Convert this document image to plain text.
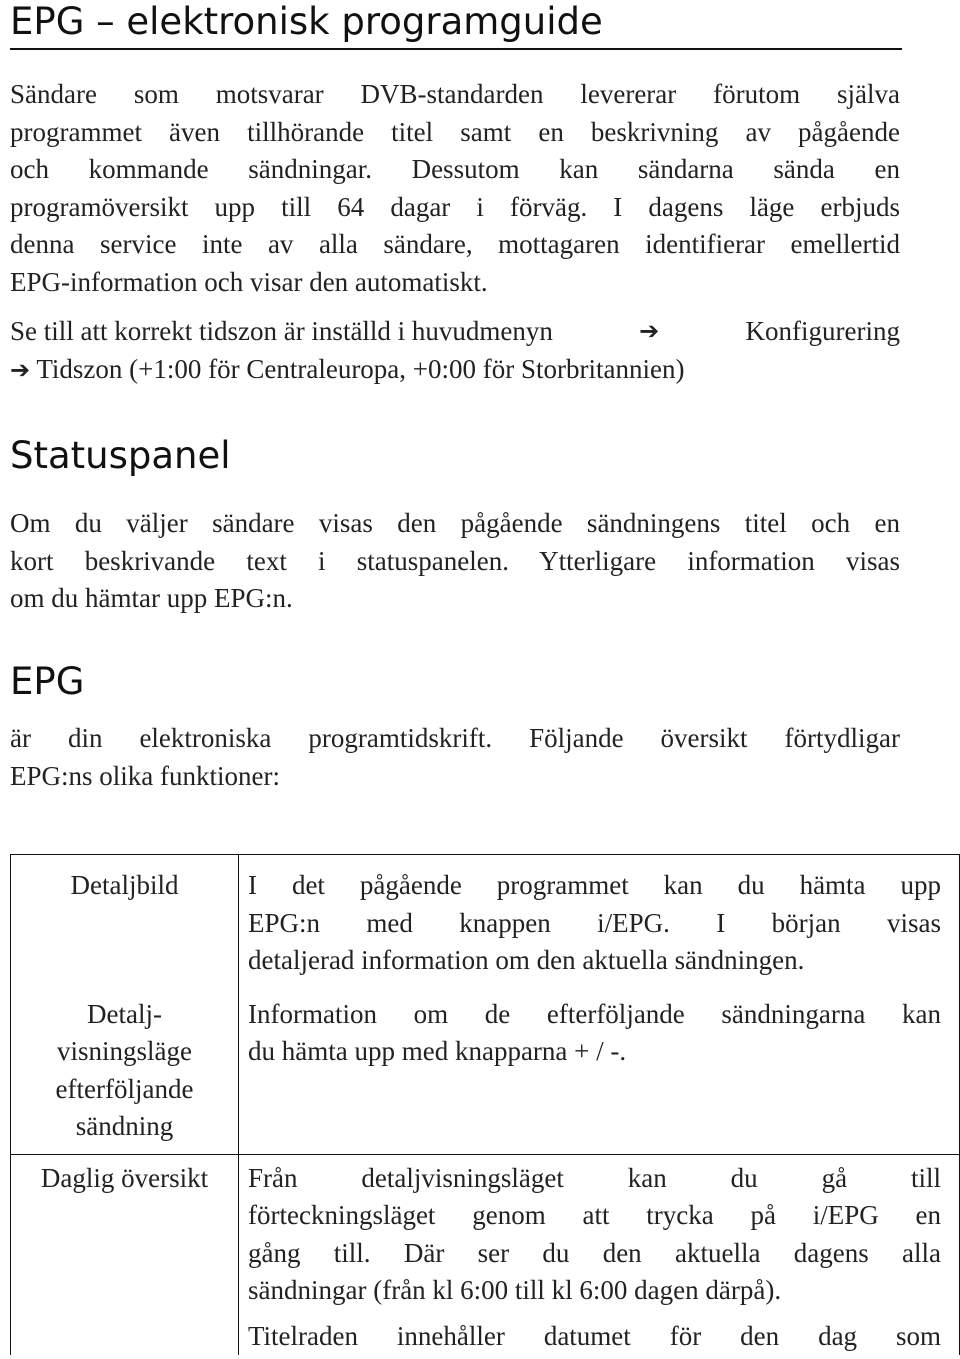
EPG – elektronisk programguide
Sändare som motsvarar DVB-standarden levererar förutom själva
programmet även tillhörande titel samt en beskrivning av pågående
och kommande sändningar. Dessutom kan sändarna sända en
programöversikt upp till 64 dagar i förväg. I dagens läge erbjuds
denna service inte av alla sändare, mottagaren identifierar emellertid
EPG-information och visar den automatiskt.
Se till att korrekt tidszon är inställd i huvudmenyn	➔	Konfigurering
➔ Tidszon (+1:00 för Centraleuropa, +0:00 för Storbritannien)
Statuspanel
Om du väljer sändare visas den pågående sändningens titel och en
kort beskrivande text i statuspanelen. Ytterligare information visas
om du hämtar upp EPG:n.
EPG
är din elektroniska programtidskrift. Följande översikt förtydligar
EPG:ns olika funktioner:
Detaljbild	I det pågående programmet kan du hämta upp
EPG:n med knappen i/EPG. I början visas
detaljerad information om den aktuella sändningen.

Detalj-
visningsläge
efterföljande
sändning	Information om de efterföljande sändningarna kan
du hämta upp med knapparna + / -.

Daglig översikt	Från detaljvisningsläget kan du gå till
förteckningsläget genom att trycka på i/EPG en
gång till. Där ser du den aktuella dagens alla
sändningar (från kl 6:00 till kl 6:00 dagen därpå).
Titelraden innehåller datumet för den dag som
